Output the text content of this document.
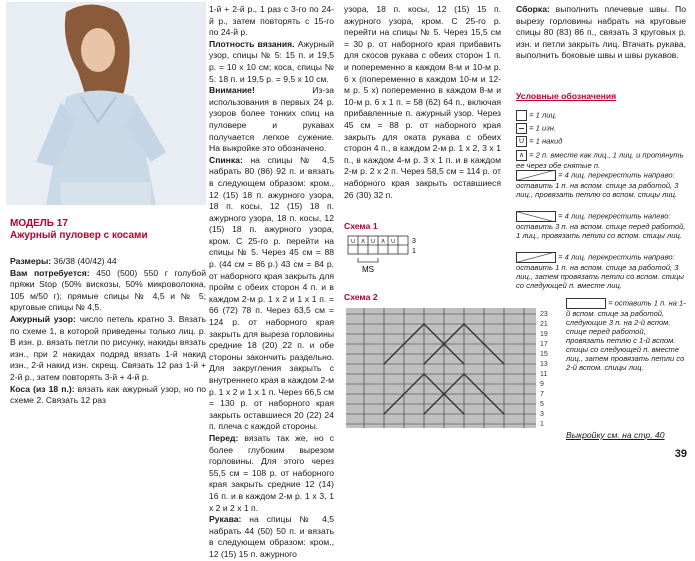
МОДЕЛЬ 17
Ажурный пуловер с косами

Размеры: 36/38 (40/42) 44

Вам потребуется: 450 (500) 550 г голубой пряжи Stop (50% вискозы, 50% микроволокна, 105 м/50 г); прямые спицы № 4,5 и № 5; круговые спицы № 4,5.

Ажурный узор: число петель кратно 3. Вязать по схеме 1, в которой приведены только лиц. р. В изн. р. вязать петли по рисунку, накиды вязать изн., при 2 накидах подряд вязать 1-й накид изн., 2-й накид изн. скрещ. Связать 12 раз 1-й + 2-й р., затем повторять 3-й + 4-й р.

Коса (из 18 п.): вязать как ажурный узор, но по схеме 2. Связать 12 раз

1-й + 2-й р., 1 раз с 3-го по 24-й р., затем повторять с 15-го по 24-й р.

Плотность вязания. Ажурный узор, спицы № 5: 15 п. и 19,5 р. = 10 х 10 см; коса, спицы № 5: 18 п. и 19,5 р. = 9,5 х 10 см.

Внимание!	Из-за использования в первых 24 р. узоров более тонких спиц на пуловере и рукавах получается легкое сужение. На выкройке это обозначено.

Спинка: на спицы № 4,5 набрать 80 (86) 92 п. и вязать в следующем образом: кром., 12 (15) 18 п. ажурного узора, 18 п. косы, 12 (15) 18 п. ажурного узора, 18 п. косы, 12 (15) 18 п. ажурного узора, кром. С 25-го р. перейти на спицы № 5. Через 45 см = 88 р. (44 см = 86 р.) 43 см = 84 р. от наборного края закрыть для пройм с обеих сторон 4 п. и в каждом 2-м р. 1 х 2 и 1 х 1 п. = 66 (72) 78 п. Через 63,5 см = 124 р. от наборного края закрыть для выреза горловины средние 18 (20) 22 п. и обе стороны закончить раздельно. Для закругления закрыть с внутреннего края в каждом 2-м р. 1 х 2 и 1 х 1 п. Через 66,5 см = 130 р. от наборного края закрыть оставшиеся 20 (22) 24 п. плеча с каждой стороны.

Перед: вязать так же, но с более глубоким вырезом горловины. Для этого через 55,5 см = 108 р. от наборного края закрыть средние 12 (14) 16 п. и в каждом 2-м р. 1 х 3, 1 х 2 и 2 х 1 п.

Рукава: на спицы № 4,5 набрать 44 (50) 50 п. и вязать в следующем образом: кром., 12 (15) 15 п. ажурного

узора, 18 п. косы, 12 (15) 15 п. ажурного узора, кром. С 25-го р. перейти на спицы № 5. Через 15,5 см = 30 р. от наборного края прибавить для скосов рукава с обеих сторон 1 п. и попеременно в каждом 8-м и 10-м р. 6 х (попеременно в каждом 10-м и 12-м р. 5 х) попеременно в каждом 8-м и 10-м р. 6 х 1 п. = 58 (62) 64 п., включая прибавленные п. ажурный узор. Через 45 см = 88 р. от наборного края закрыть для оката рукава с обеих сторон 4 п., в каждом 2-м р. 1 х 2, 3 х 1 п., в каждом 4-м р. 3 х 1 п. и в каждом 2-м р. 2 х 2 п. Через 58,5 см = 114 р. от наборного края закрыть оставшиеся 26 (30) 32 п.

Сборка: выполнить плечевые швы. По вырезу горловины набрать на круговые спицы 80 (83) 86 п., связать 3 круговых р. изн. и петли закрыть лиц. Втачать рукава, выполнить боковые швы и швы рукавов.

Условные обозначения
= 1 лиц.
= 1 изн.
U = 1 накид
∧ = 2 п. вместе как лиц., 1 лиц. и протянуть ее через обе снятые п.
= 4 лиц. перекрестить направо: оставить 1 п. на вспом. спице за работой, 3 лиц., провязать петлю со вспом. спицы лиц.
= 4 лиц. перекрестить налево: оставить 3 п. на вспом. спице перед работой, 1 лиц., провязать петли со вспом. спицы лиц.
= 4 лиц. перекрестить направо: оставить 1 п. на вспом. спице за работой, 3 лиц., затем провязать петли со вспом. спицы со следующей п. вместе лиц.
= оставить 1 п. на 1-й вспом. спице за работой, следующие 3 п. на 2-й вспом. спице перед работой, провязать петлю с 1-й вспом. спицы со следующей п. вместе лиц., затем провязать петли со 2-й вспом. спицы лиц.
Схема 1
∪ ∧ ∪ ∧ ∪ 3
1
MS
Схема 2
23
21
19
17
15
13
11
9
7
5
3
1
Выкройку см. на стр. 40
39
